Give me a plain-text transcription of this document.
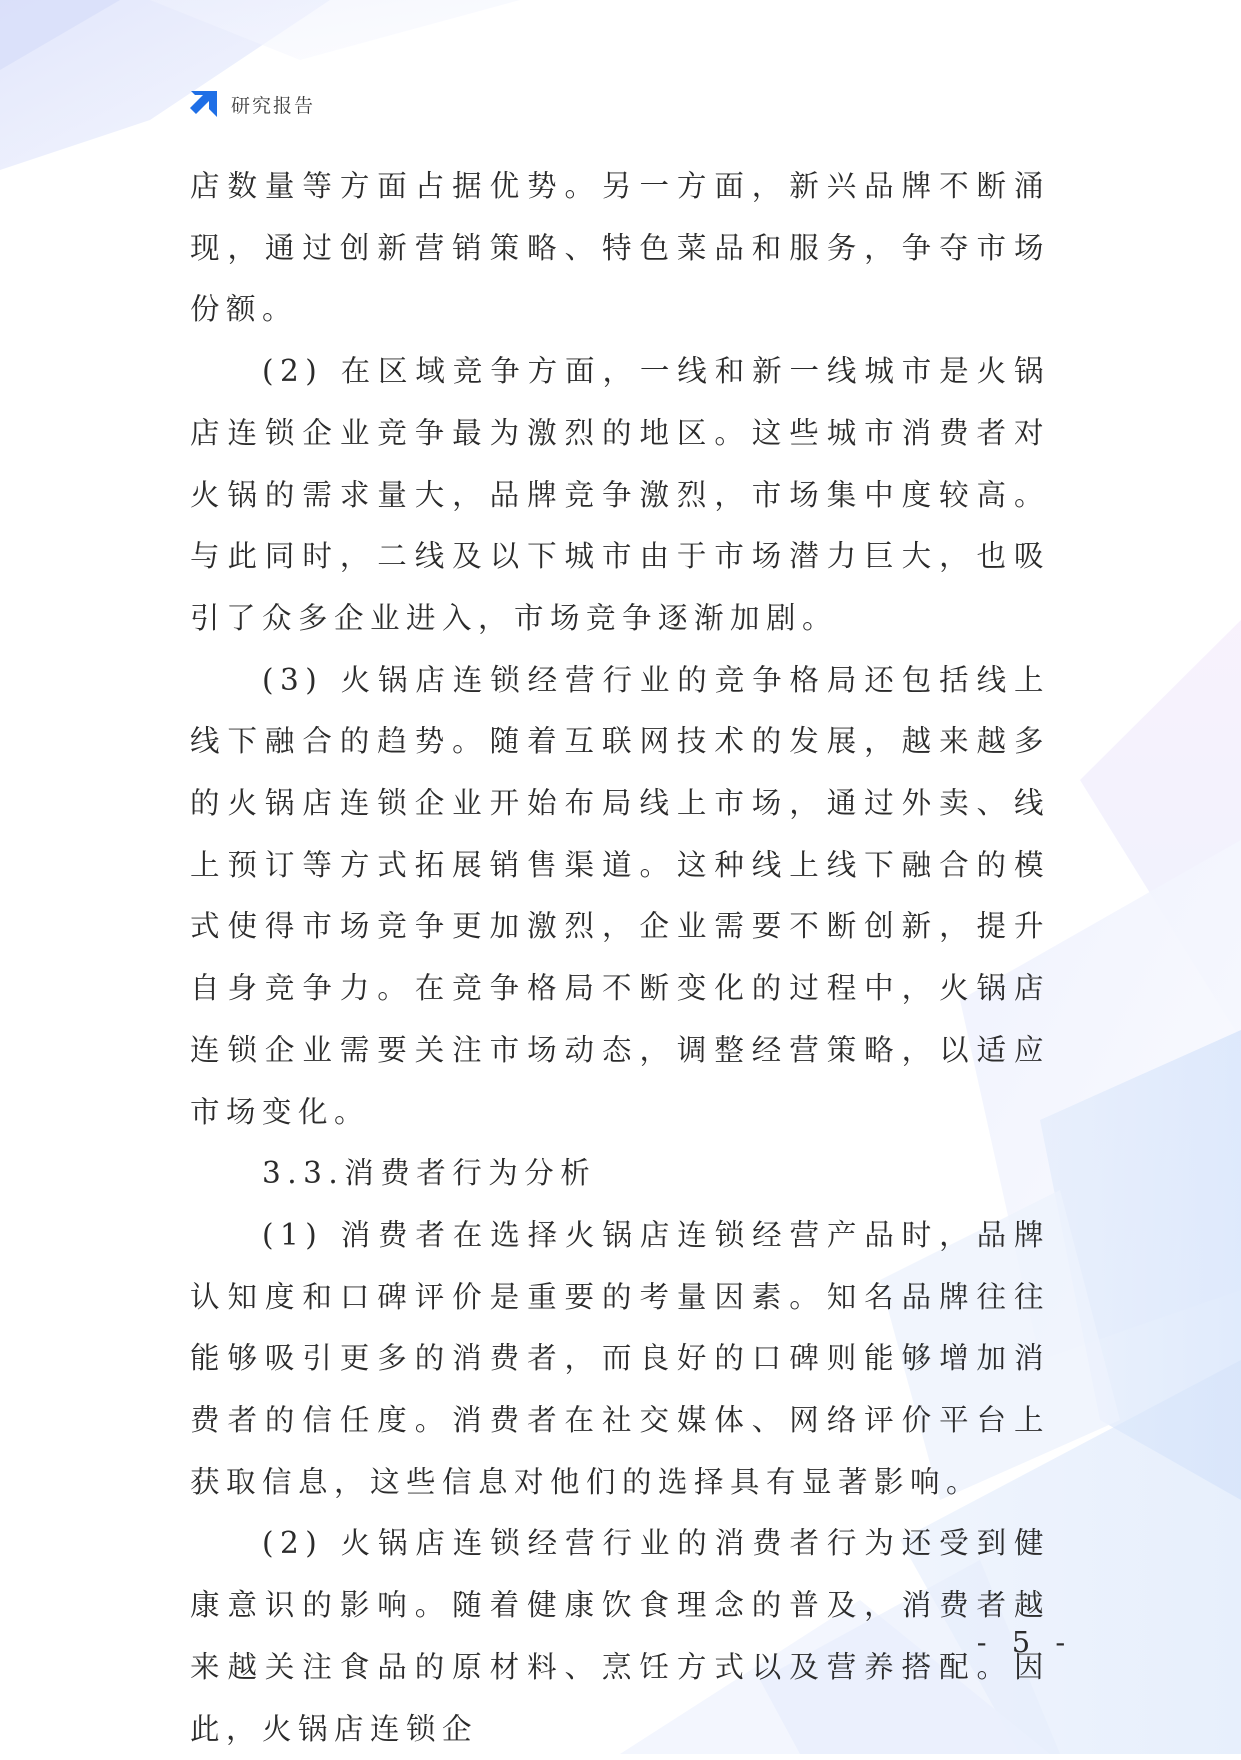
研究报告

店数量等方面占据优势。另一方面，新兴品牌不断涌现，通过创新营销策略、特色菜品和服务，争夺市场份额。

(2) 在区域竞争方面，一线和新一线城市是火锅店连锁企业竞争最为激烈的地区。这些城市消费者对火锅的需求量大，品牌竞争激烈，市场集中度较高。与此同时，二线及以下城市由于市场潜力巨大，也吸引了众多企业进入，市场竞争逐渐加剧。

(3) 火锅店连锁经营行业的竞争格局还包括线上线下融合的趋势。随着互联网技术的发展，越来越多的火锅店连锁企业开始布局线上市场，通过外卖、线上预订等方式拓展销售渠道。这种线上线下融合的模式使得市场竞争更加激烈，企业需要不断创新，提升自身竞争力。在竞争格局不断变化的过程中，火锅店连锁企业需要关注市场动态，调整经营策略，以适应市场变化。

3.3.消费者行为分析

(1) 消费者在选择火锅店连锁经营产品时，品牌认知度和口碑评价是重要的考量因素。知名品牌往往能够吸引更多的消费者，而良好的口碑则能够增加消费者的信任度。消费者在社交媒体、网络评价平台上获取信息，这些信息对他们的选择具有显著影响。

(2) 火锅店连锁经营行业的消费者行为还受到健康意识的影响。随着健康饮食理念的普及，消费者越来越关注食品的原材料、烹饪方式以及营养搭配。因此，火锅店连锁企

- 5 -
